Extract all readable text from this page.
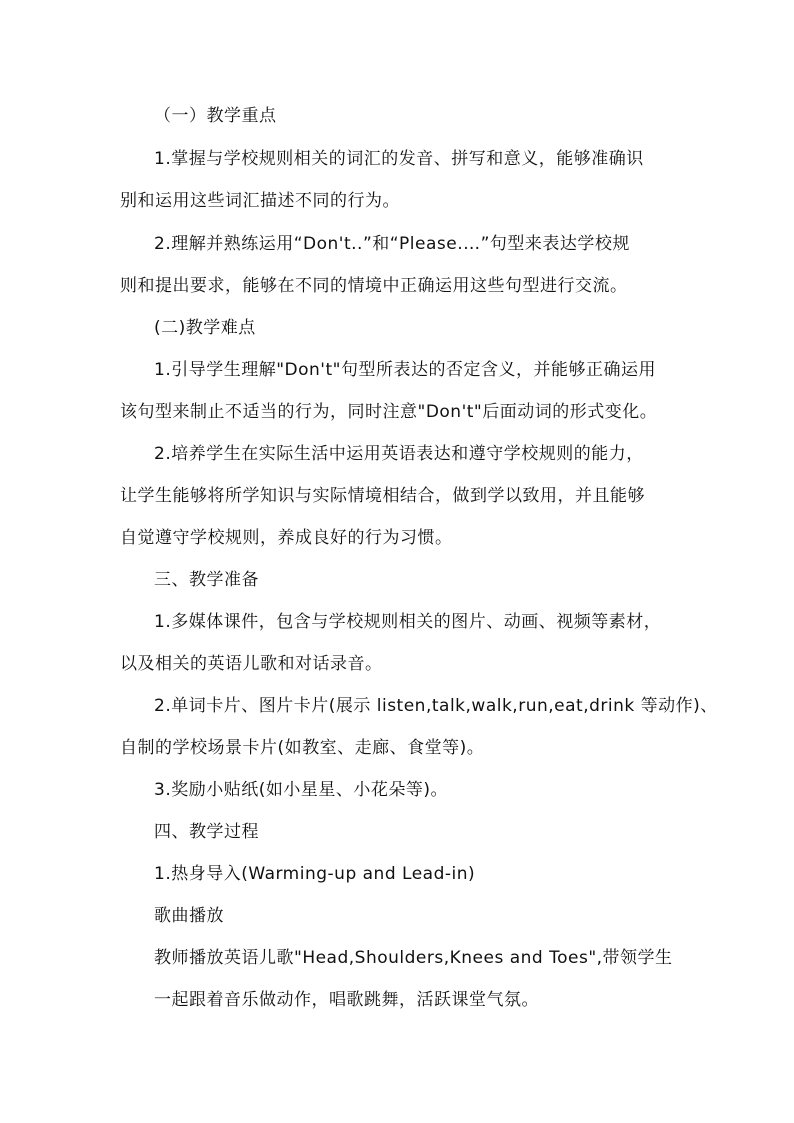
（一）教学重点
1.掌握与学校规则相关的词汇的发音、拼写和意义，能够准确识
别和运用这些词汇描述不同的行为。
2.理解并熟练运用“Don't..”和“Please.…”句型来表达学校规
则和提出要求，能够在不同的情境中正确运用这些句型进行交流。
(二)教学难点
1.引导学生理解"Don't"句型所表达的否定含义，并能够正确运用
该句型来制止不适当的行为，同时注意"Don't"后面动词的形式变化。
2.培养学生在实际生活中运用英语表达和遵守学校规则的能力，
让学生能够将所学知识与实际情境相结合，做到学以致用，并且能够
自觉遵守学校规则，养成良好的行为习惯。
三、教学准备
1.多媒体课件，包含与学校规则相关的图片、动画、视频等素材，
以及相关的英语儿歌和对话录音。
2.单词卡片、图片卡片(展示 listen,talk,walk,run,eat,drink 等动作)、
自制的学校场景卡片(如教室、走廊、食堂等)。
3.奖励小贴纸(如小星星、小花朵等)。
四、教学过程
1.热身导入(Warming-up and Lead-in)
歌曲播放
教师播放英语儿歌"Head,Shoulders,Knees and Toes",带领学生
一起跟着音乐做动作，唱歌跳舞，活跃课堂气氛。
